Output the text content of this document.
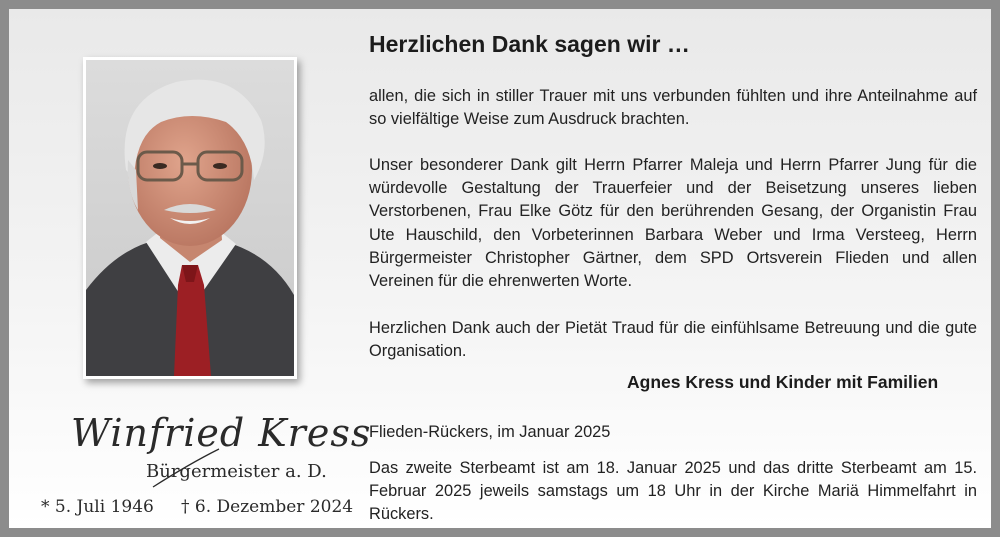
Winfried Kress
Bürgermeister a. D.
* 5. Juli 1946 † 6. Dezember 2024
Herzlichen Dank sagen wir …
allen, die sich in stiller Trauer mit uns verbunden fühlten und ihre Anteilnahme auf so vielfältige Weise zum Ausdruck brachten.
Unser besonderer Dank gilt Herrn Pfarrer Maleja und Herrn Pfarrer Jung für die würdevolle Gestaltung der Trauerfeier und der Beisetzung unseres lieben Verstorbenen, Frau Elke Götz für den berührenden Gesang, der Organistin Frau Ute Hauschild, den Vorbeterinnen Barbara Weber und Irma Versteeg, Herrn Bürgermeister Christopher Gärtner, dem SPD Ortsverein Flieden und allen Vereinen für die ehrenwerten Worte.
Herzlichen Dank auch der Pietät Traud für die einfühlsame Betreuung und die gute Organisation.
Agnes Kress und Kinder mit Familien
Flieden-Rückers, im Januar 2025
Das zweite Sterbeamt ist am 18. Januar 2025 und das dritte Sterbeamt am 15. Februar 2025 jeweils samstags um 18 Uhr in der Kirche Mariä Himmelfahrt in Rückers.
